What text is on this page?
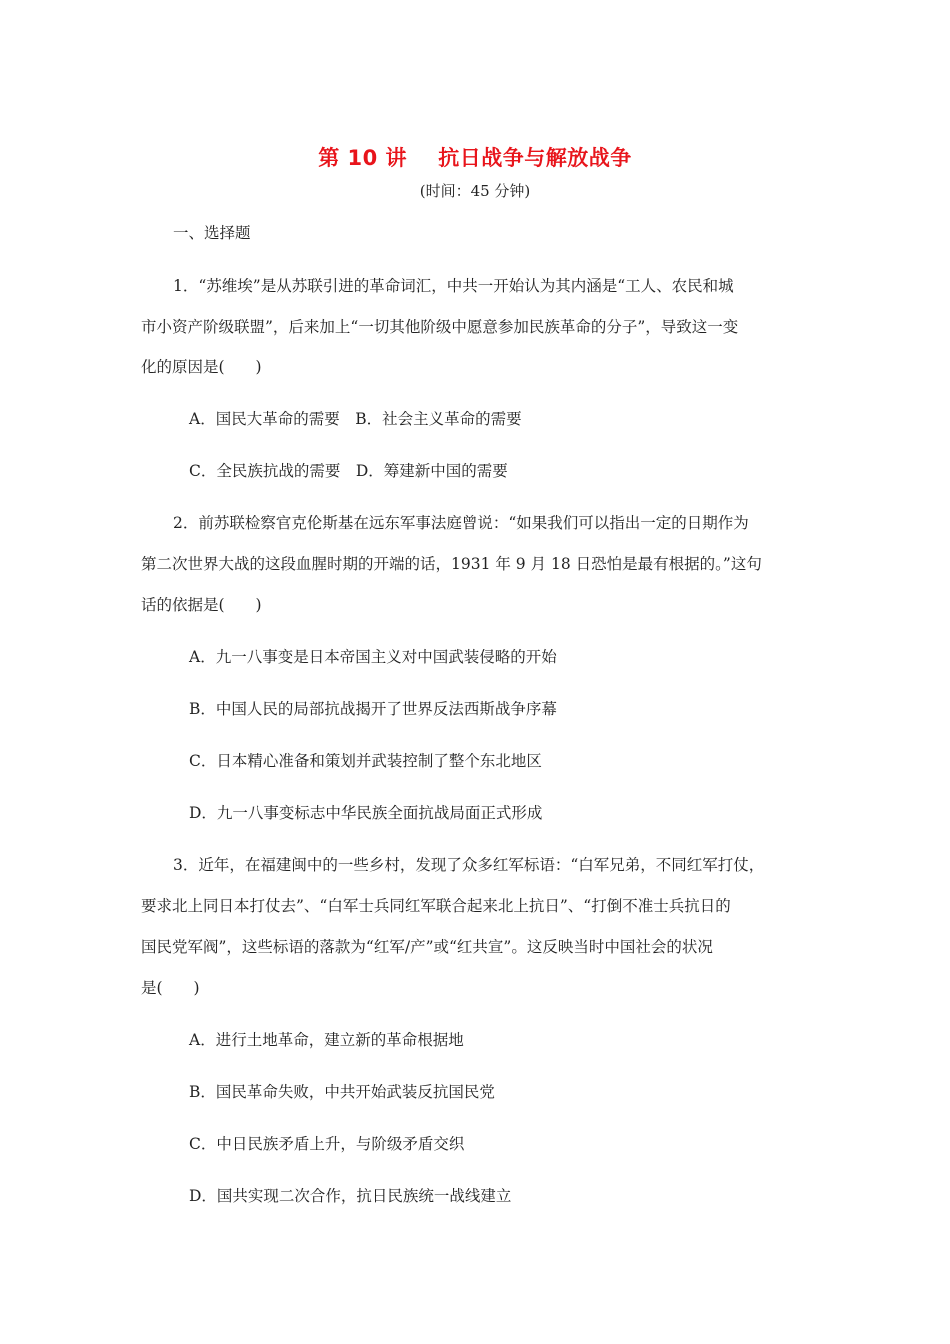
第 10 讲    抗日战争与解放战争
(时间：45 分钟)
一、选择题
1．“苏维埃”是从苏联引进的革命词汇，中共一开始认为其内涵是“工人、农民和城
市小资产阶级联盟”，后来加上“一切其他阶级中愿意参加民族革命的分子”，导致这一变
化的原因是(　　)
A．国民大革命的需要　B．社会主义革命的需要
C．全民族抗战的需要　D．筹建新中国的需要
2．前苏联检察官克伦斯基在远东军事法庭曾说：“如果我们可以指出一定的日期作为
第二次世界大战的这段血腥时期的开端的话，1931 年 9 月 18 日恐怕是最有根据的。”这句
话的依据是(　　)
A．九一八事变是日本帝国主义对中国武装侵略的开始
B．中国人民的局部抗战揭开了世界反法西斯战争序幕
C．日本精心准备和策划并武装控制了整个东北地区
D．九一八事变标志中华民族全面抗战局面正式形成
3．近年，在福建闽中的一些乡村，发现了众多红军标语：“白军兄弟，不同红军打仗，
要求北上同日本打仗去”、“白军士兵同红军联合起来北上抗日”、“打倒不准士兵抗日的
国民党军阀”，这些标语的落款为“红军/产”或“红共宣”。这反映当时中国社会的状况
是(　　)
A．进行土地革命，建立新的革命根据地
B．国民革命失败，中共开始武装反抗国民党
C．中日民族矛盾上升，与阶级矛盾交织
D．国共实现二次合作，抗日民族统一战线建立
